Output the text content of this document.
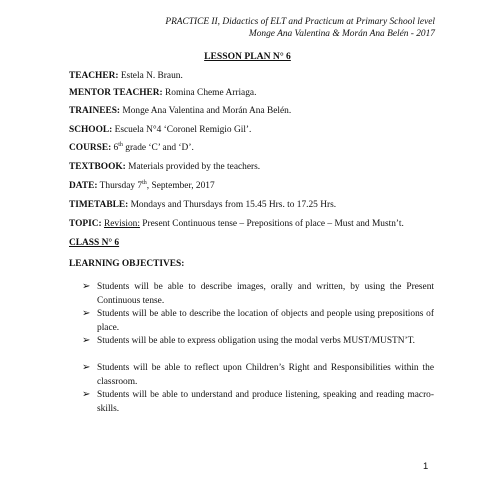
PRACTICE II, Didactics of ELT and Practicum at Primary School level
Monge Ana Valentina & Morán Ana Belén - 2017
LESSON PLAN N° 6
TEACHER: Estela N. Braun.
MENTOR TEACHER: Romina Cheme Arriaga.
TRAINEES: Monge Ana Valentina and Morán Ana Belén.
SCHOOL: Escuela N°4 ‘Coronel Remigio Gil’.
COURSE: 6th grade ‘C’ and ‘D’.
TEXTBOOK: Materials provided by the teachers.
DATE: Thursday 7th, September, 2017
TIMETABLE: Mondays and Thursdays from 15.45 Hrs. to 17.25 Hrs.
TOPIC: Revision: Present Continuous tense – Prepositions of place – Must and Mustn’t.
CLASS N° 6
LEARNING OBJECTIVES:
➢ Students will be able to describe images, orally and written, by using the Present Continuous tense.
➢ Students will be able to describe the location of objects and people using prepositions of place.
➢ Students will be able to express obligation using the modal verbs MUST/MUSTN’T.
➢ Students will be able to reflect upon Children’s Right and Responsibilities within the classroom.
➢ Students will be able to understand and produce listening, speaking and reading macro-skills.
1
